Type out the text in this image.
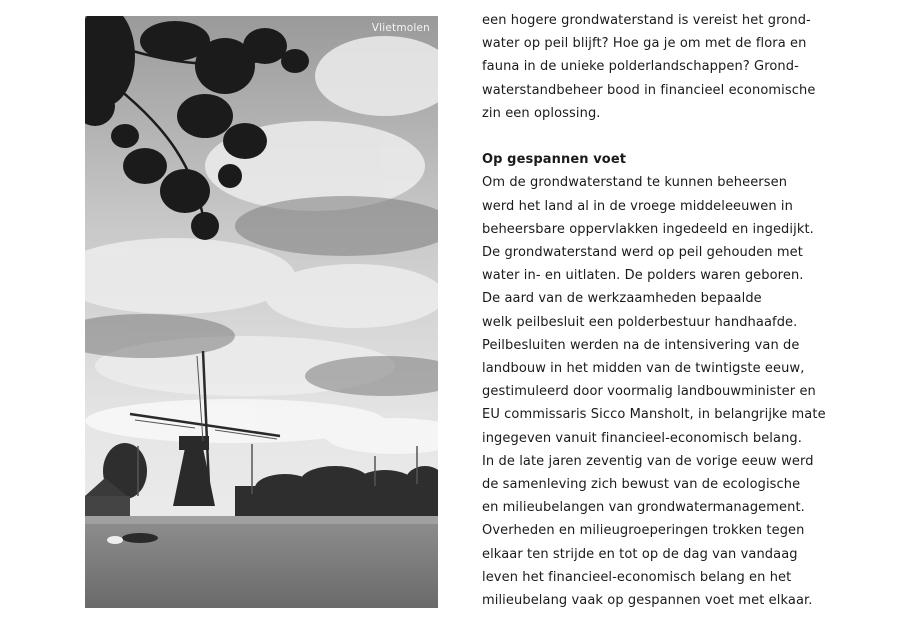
Vlietmolen	een hogere grondwaterstand is vereist het grond-
water op peil blijft? Hoe ga je om met de flora en
fauna in de unieke polderlandschappen? Grond-
waterstandbeheer bood in financieel economische
zin een oplossing.
Op gespannen voet
Om de grondwaterstand te kunnen beheersen
werd het land al in de vroege middeleeuwen in
beheersbare oppervlakken ingedeeld en ingedijkt.
De grondwaterstand werd op peil gehouden met
water in- en uitlaten. De polders waren geboren.
De aard van de werkzaamheden bepaalde
welk peilbesluit een polderbestuur handhaafde.
Peilbesluiten werden na de intensivering van de
landbouw in het midden van de twintigste eeuw,
gestimuleerd door voormalig landbouwminister en
EU commissaris Sicco Mansholt, in belangrijke mate
ingegeven vanuit financieel-economisch belang.
In de late jaren zeventig van de vorige eeuw werd
de samenleving zich bewust van de ecologische
en milieubelangen van grondwatermanagement.
Overheden en milieugroeperingen trokken tegen
elkaar ten strijde en tot op de dag van vandaag
leven het financieel-economisch belang en het
milieubelang vaak op gespannen voet met elkaar.
